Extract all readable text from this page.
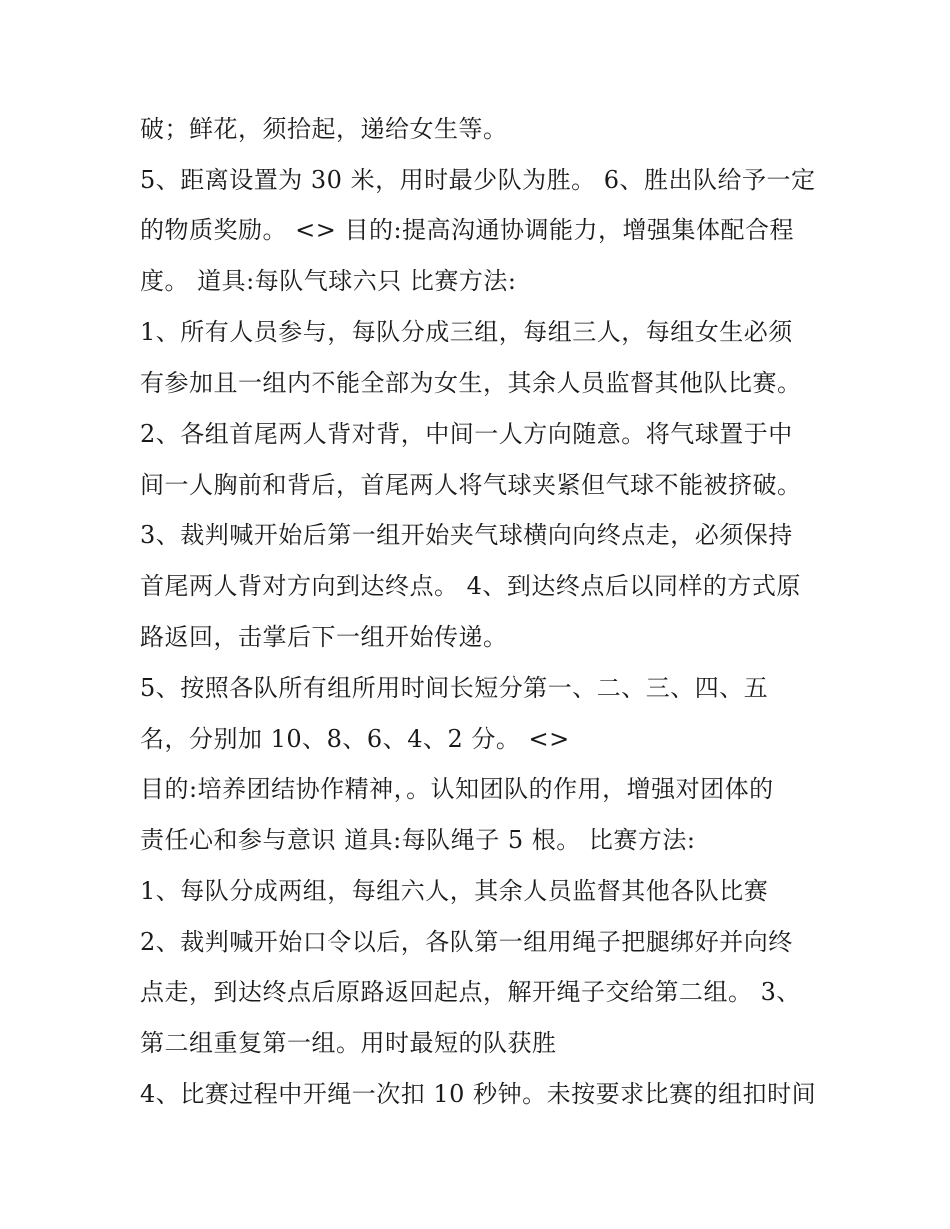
破；鲜花，须拾起，递给女生等。
5、距离设置为 30 米，用时最少队为胜。 6、胜出队给予一定
的物质奖励。 <> 目的:提高沟通协调能力，增强集体配合程
度。 道具:每队气球六只 比赛方法:
1、所有人员参与，每队分成三组，每组三人，每组女生必须
有参加且一组内不能全部为女生，其余人员监督其他队比赛。
2、各组首尾两人背对背，中间一人方向随意。将气球置于中
间一人胸前和背后，首尾两人将气球夹紧但气球不能被挤破。
3、裁判喊开始后第一组开始夹气球横向向终点走，必须保持
首尾两人背对方向到达终点。 4、到达终点后以同样的方式原
路返回，击掌后下一组开始传递。
5、按照各队所有组所用时间长短分第一、二、三、四、五
名，分别加 10、8、6、4、2 分。 <>
目的:培养团结协作精神，。认知团队的作用，增强对团体的
责任心和参与意识 道具:每队绳子 5 根。 比赛方法:
1、每队分成两组，每组六人，其余人员监督其他各队比赛
2、裁判喊开始口令以后，各队第一组用绳子把腿绑好并向终
点走，到达终点后原路返回起点，解开绳子交给第二组。 3、
第二组重复第一组。用时最短的队获胜
4、比赛过程中开绳一次扣 10 秒钟。未按要求比赛的组扣时间
